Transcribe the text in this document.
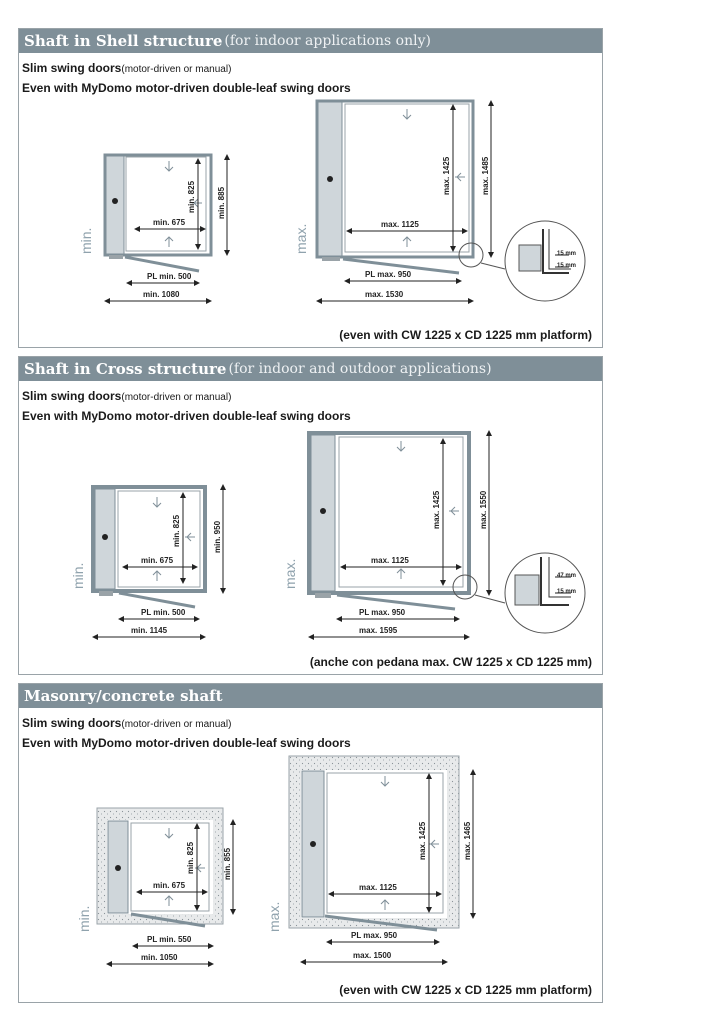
Shaft in Shell structure (for indoor applications only)
Slim swing doors(motor-driven or manual)
Even with MyDomo motor-driven double-leaf swing doors
(even with CW 1225 x CD 1225 mm platform)
min.
min. 675
min. 825	min. 885
PL min. 500
min. 1080
max.	max. 1125
max. 1425	max. 1485
PL max. 950
max. 1530
15 mm
15 mm
Shaft in Cross structure (for indoor and outdoor applications)
Slim swing doors(motor-driven or manual)
Even with MyDomo motor-driven double-leaf swing doors
(anche con pedana max. CW 1225 x CD 1225 mm)
min.
min. 675
min. 825	min. 950
PL min. 500
min. 1145
max.	max. 1125
max. 1425	max. 1550
PL max. 950
max. 1595
47 mm
15 mm
Masonry/concrete shaft
Slim swing doors(motor-driven or manual)
Even with MyDomo motor-driven double-leaf swing doors
(even with CW 1225 x CD 1225 mm platform)
min.
min. 675
min. 825	min. 855
PL min. 550
min. 1050
max.
max. 1125
max. 1425	max. 1465
PL max. 950
max. 1500
